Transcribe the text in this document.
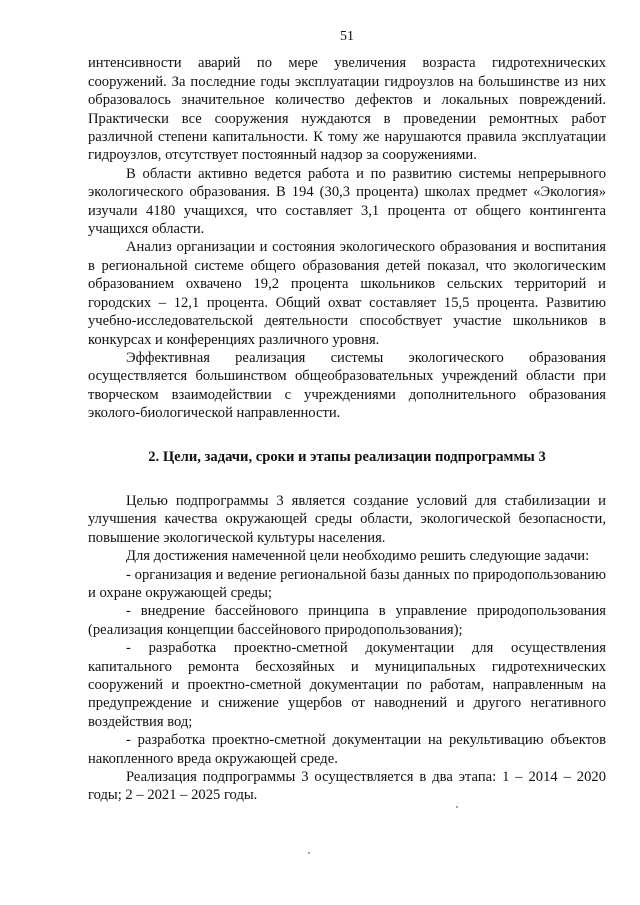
51

интенсивности аварий по мере увеличения возраста гидротехнических сооружений. За последние годы эксплуатации гидроузлов на большинстве из них образовалось значительное количество дефектов и локальных повреждений. Практически все сооружения нуждаются в проведении ремонтных работ различной степени капитальности. К тому же нарушаются правила эксплуатации гидроузлов, отсутствует постоянный надзор за сооружениями.

В области активно ведется работа и по развитию системы непрерывного экологического образования. В 194 (30,3 процента) школах предмет «Экология» изучали 4180 учащихся, что составляет 3,1 процента от общего контингента учащихся области.

Анализ организации и состояния экологического образования и воспитания в региональной системе общего образования детей показал, что экологическим образованием охвачено 19,2 процента школьников сельских территорий и городских – 12,1 процента. Общий охват составляет 15,5 процента. Развитию учебно-исследовательской деятельности способствует участие школьников в конкурсах и конференциях различного уровня.

Эффективная реализация системы экологического образования осуществляется большинством общеобразовательных учреждений области при творческом взаимодействии с учреждениями дополнительного образования эколого-биологической направленности.

2. Цели, задачи, сроки и этапы реализации подпрограммы 3

Целью подпрограммы 3 является создание условий для стабилизации и улучшения качества окружающей среды области, экологической безопасности, повышение экологической культуры населения.

Для достижения намеченной цели необходимо решить следующие задачи:

- организация и ведение региональной базы данных по природопользованию и охране окружающей среды;

- внедрение бассейнового принципа в управление природопользования (реализация концепции бассейнового природопользования);

- разработка проектно-сметной документации для осуществления капитального ремонта бесхозяйных и муниципальных гидротехнических сооружений и проектно-сметной документации по работам, направленным на предупреждение и снижение ущербов от наводнений и другого негативного воздействия вод;

- разработка проектно-сметной документации на рекультивацию объектов накопленного вреда окружающей среде.

Реализация подпрограммы 3 осуществляется в два этапа: 1 – 2014 – 2020 годы; 2 – 2021 – 2025 годы.
